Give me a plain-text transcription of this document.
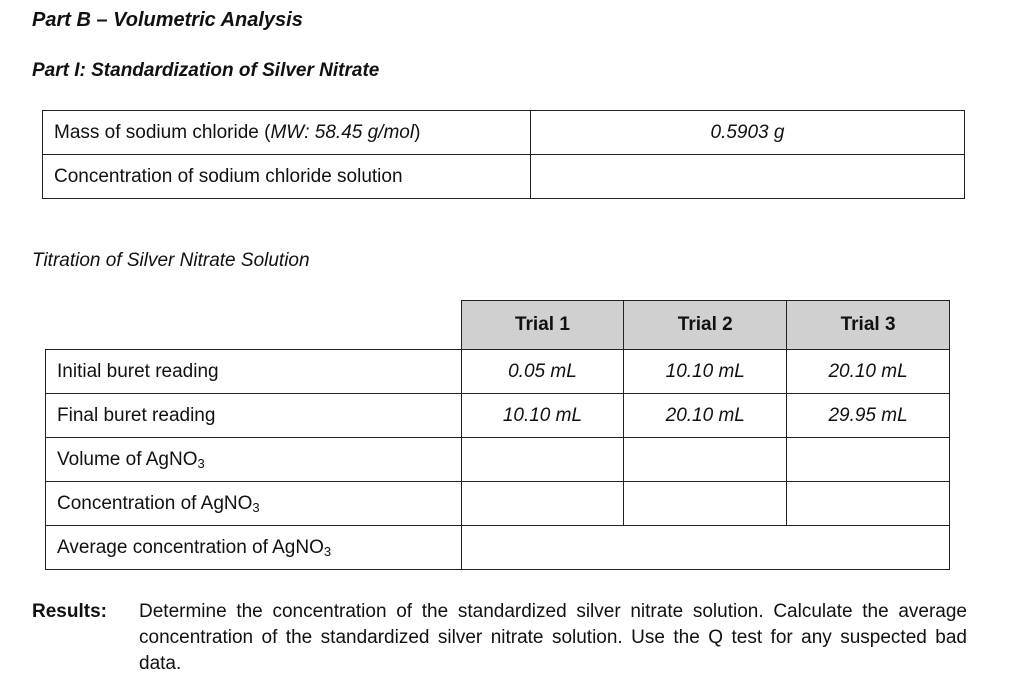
Part B – Volumetric Analysis
Part I: Standardization of Silver Nitrate
Mass of sodium chloride (MW: 58.45 g/mol)	0.5903 g
Concentration of sodium chloride solution	
Titration of Silver Nitrate Solution
	Trial 1	Trial 2	Trial 3
Initial buret reading	0.05 mL	10.10 mL	20.10 mL
Final buret reading	10.10 mL	20.10 mL	29.95 mL
Volume of AgNO$_3$			
Concentration of AgNO$_3$			
Average concentration of AgNO$_3$	
Results: Determine the concentration of the standardized silver nitrate solution. Calculate the average concentration of the standardized silver nitrate solution. Use the Q test for any suspected bad data.
